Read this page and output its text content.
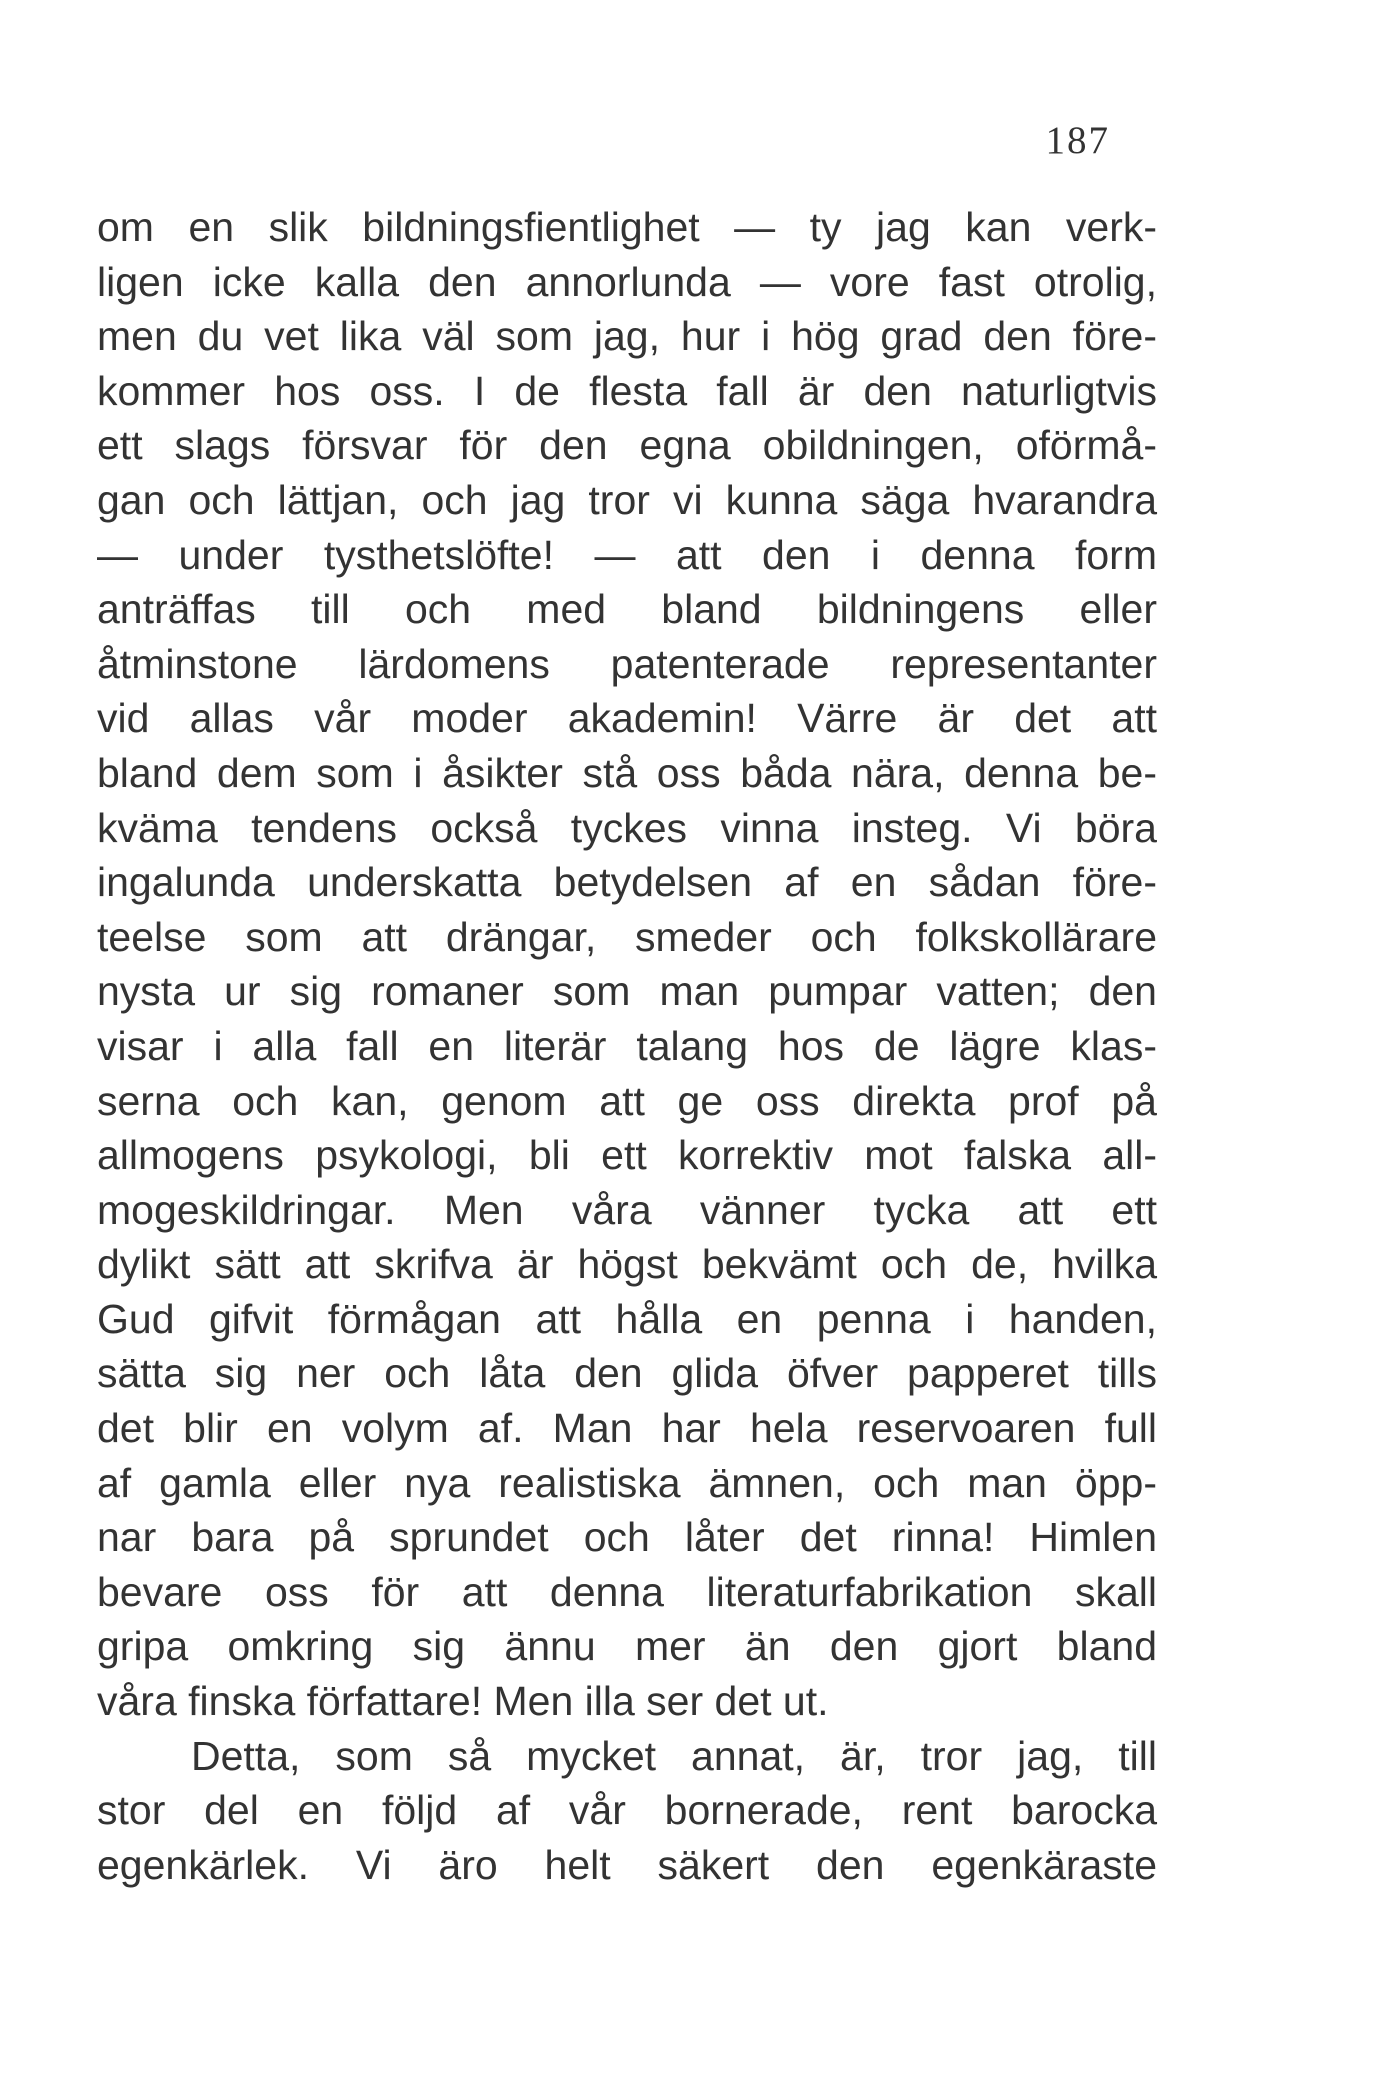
187
om en slik bildningsfientlighet — ty jag kan verk-
ligen icke kalla den annorlunda — vore fast otrolig,
men du vet lika väl som jag, hur i hög grad den före-
kommer hos oss. I de flesta fall är den naturligtvis
ett slags försvar för den egna obildningen, oförmå-
gan och lättjan, och jag tror vi kunna säga hvarandra
— under tysthetslöfte! — att den i denna form
anträffas till och med bland bildningens eller
åtminstone lärdomens patenterade representanter
vid allas vår moder akademin! Värre är det att
bland dem som i åsikter stå oss båda nära, denna be-
kväma tendens också tyckes vinna insteg. Vi böra
ingalunda underskatta betydelsen af en sådan före-
teelse som att drängar, smeder och folkskollärare
nysta ur sig romaner som man pumpar vatten; den
visar i alla fall en literär talang hos de lägre klas-
serna och kan, genom att ge oss direkta prof på
allmogens psykologi, bli ett korrektiv mot falska all-
mogeskildringar. Men våra vänner tycka att ett
dylikt sätt att skrifva är högst bekvämt och de, hvilka
Gud gifvit förmågan att hålla en penna i handen,
sätta sig ner och låta den glida öfver papperet tills
det blir en volym af. Man har hela reservoaren full
af gamla eller nya realistiska ämnen, och man öpp-
nar bara på sprundet och låter det rinna! Himlen
bevare oss för att denna literaturfabrikation skall
gripa omkring sig ännu mer än den gjort bland
våra finska författare! Men illa ser det ut.
Detta, som så mycket annat, är, tror jag, till
stor del en följd af vår bornerade, rent barocka
egenkärlek. Vi äro helt säkert den egenkäraste
